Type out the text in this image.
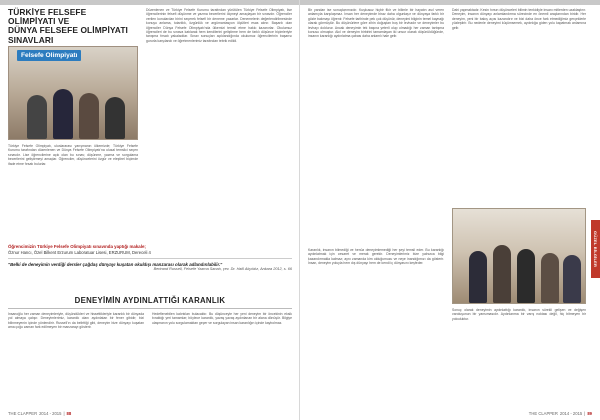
TÜRKİYE FELSEFE OLİMPİYATI VE
DÜNYA FELSEFE OLİMPİYATI SINAVLARI
Felsefe Olimpiyatı
Türkiye Felsefe Olimpiyatı, uluslararası yarışmanın ülkemizde; Türkiye Felsefe Kurumu tarafından düzenlenen ve Dünya Felsefe Olimpiyatı'na ulusal temsilci seçen sınavdır. Lise öğrencilerine açık olan bu sınav; düşünme, yazma ve sorgulama becerilerini geliştirmeyi amaçlar. Öğrenciler, düşüncelerini özgür ve eleştirel biçimde ifade etme fırsatı bulurlar.
Düzenlenen ve Türkiye Felsefe Kurumu tarafından yürütülen Türkiye Felsefe Olimpiyatı, lise öğrencilerinin felsefi düşünme ve yazma becerilerini ölçmeyi amaçlayan bir sınavdır. Öğrenciler verilen konulardan birini seçerek felsefi bir deneme yazarlar. Denemelerin değerlendirilmesinde konuyu anlama, tutarlılık, özgünlük ve argümantasyon ölçütleri esas alınır. Başarılı olan öğrenciler Dünya Felsefe Olimpiyatı'nda ülkemizi temsil etme hakkı kazanırlar. Okulumuz öğrencileri de bu sınava katılarak hem kendilerini geliştirme hem de farklı düşünce biçimleriyle tanışma fırsatı yakaladılar. Sınav sonuçları açıklandığında okulumuz öğrencilerinin başarısı gururla karşılandı ve öğretmenlerimiz tarafından tebrik edildi.
Öğrencimizin Türkiye Felsefe Olimpiyatı sınavında yaptığı makale;
Öznur Hancı, Özel Bilkent Erzurum Laboratuar Lisesi, ERZURUM, Dereceli 4
"Belki de deneyimin verdiği dersler çağdaş dünyayı kuşatan okuldışı manzarası olarak adlandırılabilir."
Bertrand Russell, Felsefe Yazma Sanatı, çev. Dr. Halil Akyıldız, Ankara 2012, s. 66
DENEYİMİN AYDINLATTIĞI KARANLIK
İnsanoğlu her zaman deneyimleriyle, düşündükleri ve hissettikleriyle karanlık bir dünyada yol almaya çalışır. Deneyimlerimiz, karanlık olanı aydınlatan bir fener gibidir; bizi bilinmeyenin içinde yönlendirir. Russell'ın da belirttiği gibi, deneyim bize dünyayı kuşatan ama çoğu zaman fark edilmeyen bir manzarayı gösterir.
Hedeflenebilen kalıntıları bulacaktır. Bu düşünceyle her yeni deneyim bir öncekinin eksik bıraktığı yeri tamamlar; böylece karanlık, yavaş yavaş aydınlanan bir alana dönüşür. Bilgiye ulaşmanın yolu sorgulamaktan geçer ve sorgulayan insan karanlığın içinde kaybolmaz.
THE CLAPPER 2014 - 2015 | 88
Bir yandan ise sonuçlarımızdır. Kuşkusuz hiçbir fikir ve bilimle bir hayatın asıl veren anlamıyla karşılaşmaz. İnsan her deneyimde biraz daha olgunlaşır ve dünyaya farklı bir gözle bakmayı öğrenir. Felsefe tarihinde pek çok düşünür, deneyimi bilginin temel kaynağı olarak görmüştür. Bu düşünürlere göre zihin doğuştan boş bir levhadır ve deneyimler bu levhayı doldurur. Ancak deneyimin tek başına yeterli olup olmadığı her zaman tartışma konusu olmuştur. Akıl ve deneyim birbirini tamamlayan iki unsur olarak düşünüldüğünde, insanın karanlığı aydınlatma çabası daha anlamlı hale gelir.
Dahi yapmaktadır. Kesin hırsın düşünceleri bilimin tenkidiyle insanı mitlerden uzaklaştırır. Deneyim, insanın dünyayı anlamlandırma sürecinde en önemli araçlarından biridir. Her deneyim, yeni bir bakış açısı kazandırır ve bizi daha önce fark etmediğimiz gerçeklerle yüzleştirir. Bu nedenle deneyimi küçümsemek, aydınlığa giden yolu kapatmak anlamına gelir.
Karanlık, insanın bilmediği ve henüz deneyimlemediği her şeyi temsil eder. Bu karanlığı aydınlatmak için cesaret ve merak gerekir. Deneyimlerimiz bize yalnızca bilgi kazandırmakla kalmaz; aynı zamanda kim olduğumuzu ve neye inandığımızı da gösterir. İnsan, deneyim yoluyla hem dış dünyayı hem de kendi iç dünyasını keşfeder.
Sonuç olarak deneyimin aydınlattığı karanlık, insanın sürekli gelişen ve değişen varoluşunun bir yansımasıdır. Aydınlanma bir varış noktası değil, hiç bitmeyen bir yolculuktur.
GÜZEL BİLGİLER
THE CLAPPER 2014 - 2015 | 89
